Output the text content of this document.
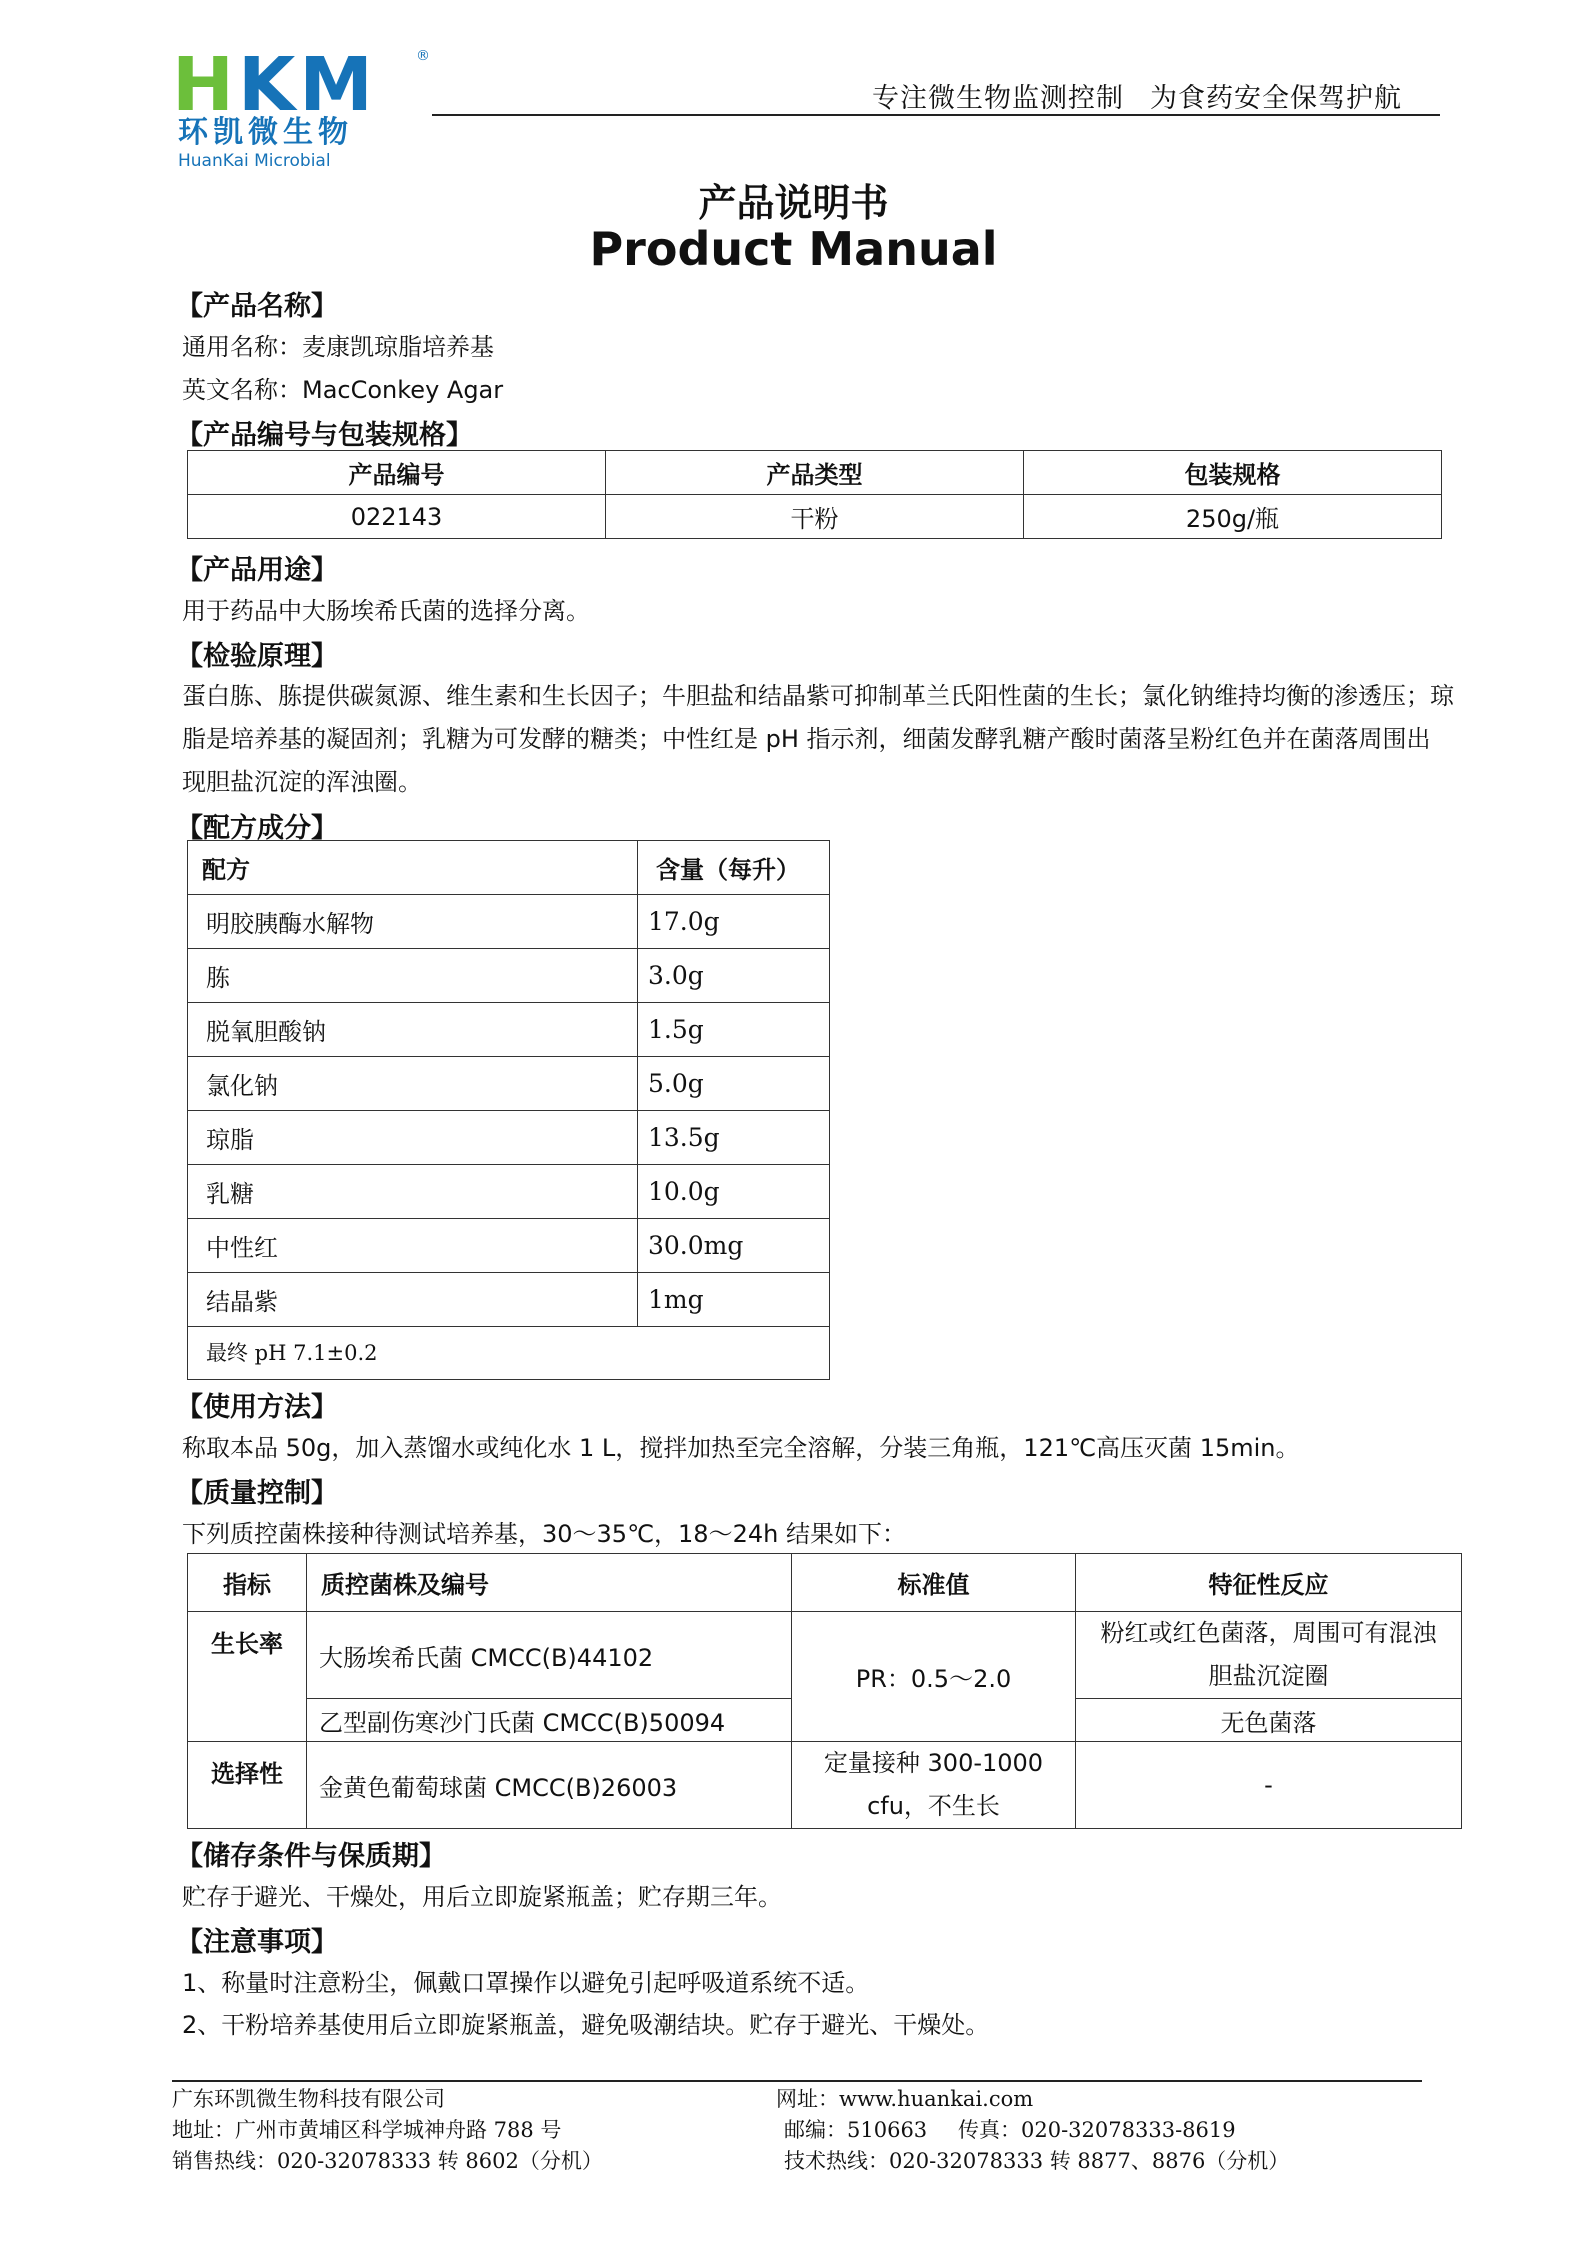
HKM	®
环凯微生物
HuanKai Microbial
专注微生物监测控制 为食药安全保驾护航
产品说明书
Product Manual
【产品名称】
通用名称：麦康凯琼脂培养基
英文名称：MacConkey Agar
【产品编号与包装规格】
产品编号	产品类型	包装规格
022143	干粉	250g/瓶
【产品用途】
用于药品中大肠埃希氏菌的选择分离。
【检验原理】
蛋白胨、胨提供碳氮源、维生素和生长因子；牛胆盐和结晶紫可抑制革兰氏阳性菌的生长；氯化钠维持均衡的渗透压；琼脂是培养基的凝固剂；乳糖为可发酵的糖类；中性红是 pH 指示剂，细菌发酵乳糖产酸时菌落呈粉红色并在菌落周围出现胆盐沉淀的浑浊圈。
【配方成分】
配方	含量（每升）
明胶胰酶水解物	17.0g
胨	3.0g
脱氧胆酸钠	1.5g
氯化钠	5.0g
琼脂	13.5g
乳糖	10.0g
中性红	30.0mg
结晶紫	1mg
最终 pH 7.1±0.2	
【使用方法】
称取本品 50g，加入蒸馏水或纯化水 1 L，搅拌加热至完全溶解，分装三角瓶，121℃高压灭菌 15min。
【质量控制】
下列质控菌株接种待测试培养基，30～35℃，18～24h 结果如下：
指标	质控菌株及编号	标准值	特征性反应
生长率	大肠埃希氏菌 CMCC(B)44102	PR：0.5～2.0	粉红或红色菌落，周围可有混浊胆盐沉淀圈
	乙型副伤寒沙门氏菌 CMCC(B)50094		无色菌落
选择性	金黄色葡萄球菌 CMCC(B)26003	定量接种 300-1000 cfu，不生长	-
【储存条件与保质期】
贮存于避光、干燥处，用后立即旋紧瓶盖；贮存期三年。
【注意事项】
1、称量时注意粉尘，佩戴口罩操作以避免引起呼吸道系统不适。
2、干粉培养基使用后立即旋紧瓶盖，避免吸潮结块。贮存于避光、干燥处。
广东环凯微生物科技有限公司
地址：广州市黄埔区科学城神舟路 788 号
销售热线：020-32078333 转 8602（分机）
网址：www.huankai.com
邮编：510663 传真：020-32078333-8619
技术热线：020-32078333 转 8877、8876（分机）
